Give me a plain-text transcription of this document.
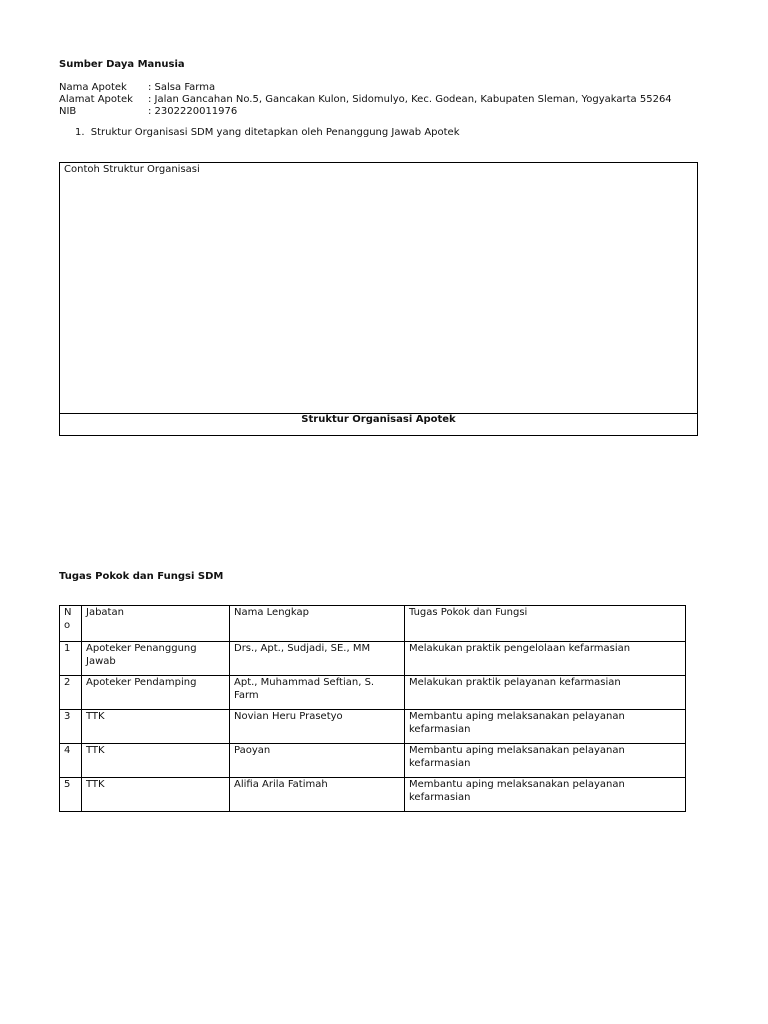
Sumber Daya Manusia
Nama Apotek : Salsa Farma
Alamat Apotek : Jalan Gancahan No.5, Gancakan Kulon, Sidomulyo, Kec. Godean, Kabupaten Sleman, Yogyakarta 55264
NIB	: 2302220011976
1. Struktur Organisasi SDM yang ditetapkan oleh Penanggung Jawab Apotek
Contoh Struktur Organisasi
Struktur Organisasi Apotek
Tugas Pokok dan Fungsi SDM
N o	Jabatan	Nama Lengkap	Tugas Pokok dan Fungsi
1	Apoteker Penanggung Jawab	Drs., Apt., Sudjadi, SE., MM	Melakukan praktik pengelolaan kefarmasian
2	Apoteker Pendamping	Apt., Muhammad Seftian, S. Farm	Melakukan praktik pelayanan kefarmasian
3	TTK	Novian Heru Prasetyo	Membantu aping melaksanakan pelayanan kefarmasian
4	TTK	Paoyan	Membantu aping melaksanakan pelayanan kefarmasian
5	TTK	Alifia Arila Fatimah	Membantu aping melaksanakan pelayanan kefarmasian
